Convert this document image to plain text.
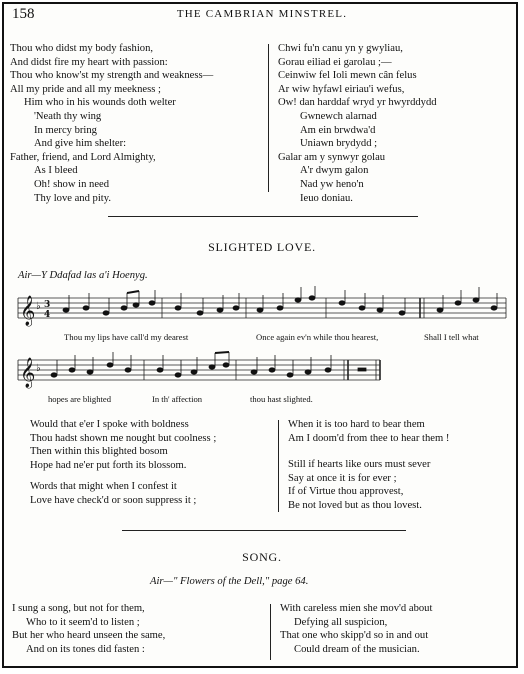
158	THE CAMBRIAN MINSTREL.
Thou who didst my body fashion,
And didst fire my heart with passion:
Thou who know'st my strength and weakness—
All my pride and all my meekness ;
Him who in his wounds doth welter
'Neath thy wing
In mercy bring
And give him shelter:
Father, friend, and Lord Almighty,
As I bleed
Oh! show in need
Thy love and pity.
Chwi fu'n canu yn y gwyliau,
Gorau eiliad ei garolau ;—
Ceinwiw fel Ioli mewn cân felus
Ar wiw hyfawl eiriau'i wefus,
Ow! dan harddaf wryd yr hwyrddydd
Gwnewch alarnad
Am ein brwdwa'd
Uniawn brydydd ;
Galar am y synwyr golau
A'r dwym galon
Nad yw heno'n
Ieuo doniau.
SLIGHTED LOVE.
Air—Y Ddafad las a'i Hoenyg.
𝄞 ♭ 3
4
Thou my lips have call'd my dearest	Once again ev'n while thou hearest,	Shall I tell what
𝄞 ♭
hopes are blighted	In th' affection	thou hast slighted.
Would that e'er I spoke with boldness
Thou hadst shown me nought but coolness ;
Then within this blighted bosom
Hope had ne'er put forth its blossom.
Words that might when I confest it
Love have check'd or soon suppress it ;
When it is too hard to bear them
Am I doom'd from thee to hear them !
Still if hearts like ours must sever
Say at once it is for ever ;
If of Virtue thou approvest,
Be not loved but as thou lovest.
SONG.
Air—" Flowers of the Dell," page 64.
I sung a song, but not for them,
Who to it seem'd to listen ;
But her who heard unseen the same,
And on its tones did fasten :
With careless mien she mov'd about
Defying all suspicion,
That one who skipp'd so in and out
Could dream of the musician.
